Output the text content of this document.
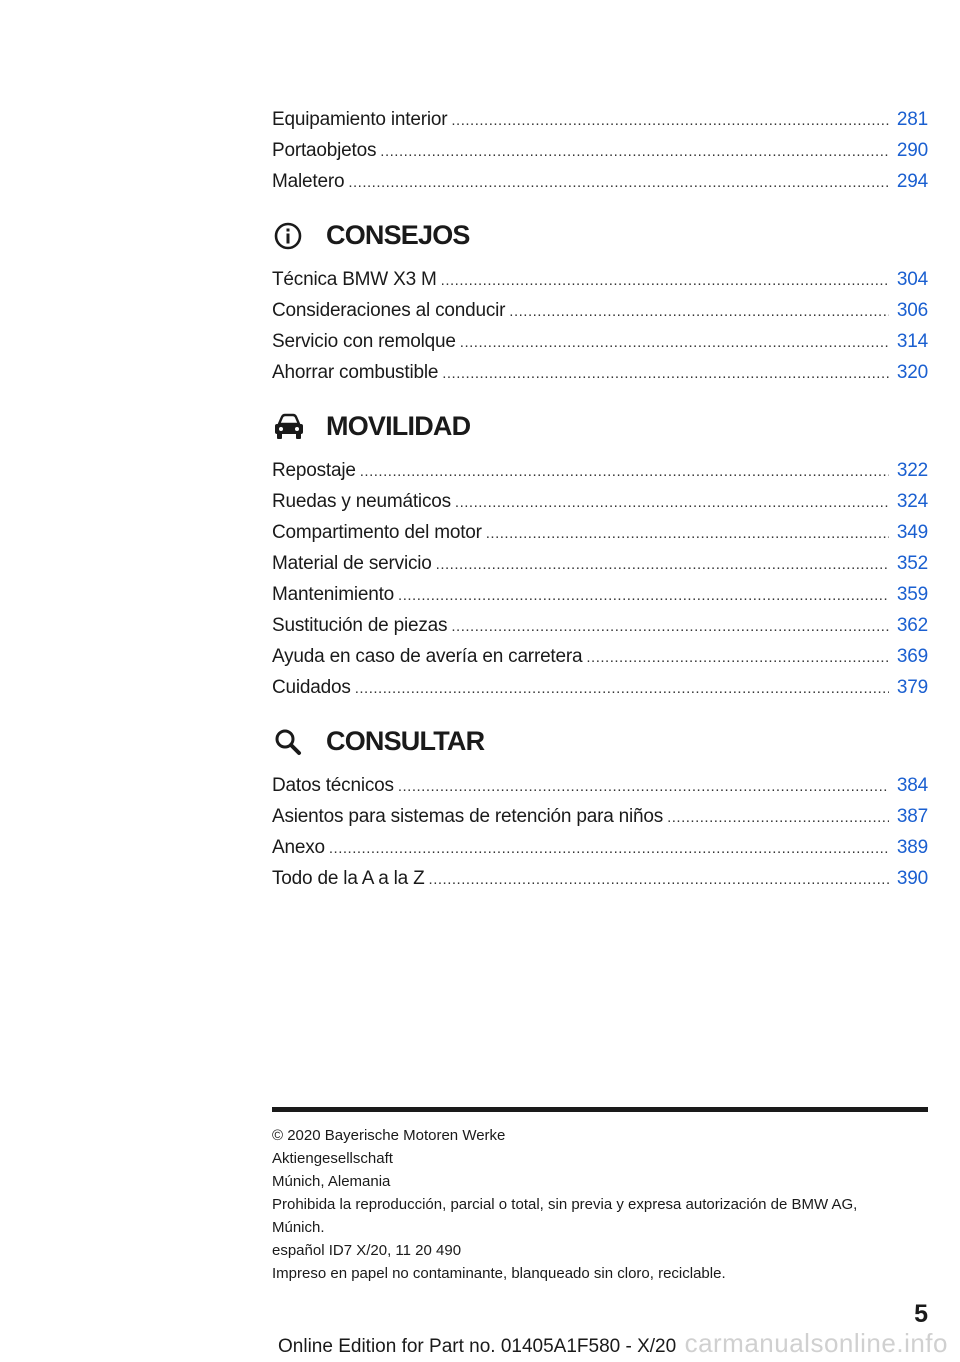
Equipamiento interior .....	281
Portaobjetos .....	290
Maletero .....	294
CONSEJOS
Técnica BMW X3 M .....	304
Consideraciones al conducir .....	306
Servicio con remolque .....	314
Ahorrar combustible .....	320
MOVILIDAD
Repostaje .....	322
Ruedas y neumáticos .....	324
Compartimento del motor .....	349
Material de servicio .....	352
Mantenimiento .....	359
Sustitución de piezas .....	362
Ayuda en caso de avería en carretera .....	369
Cuidados .....	379
CONSULTAR
Datos técnicos .....	384
Asientos para sistemas de retención para niños .....	387
Anexo .....	389
Todo de la A a la Z .....	390
© 2020 Bayerische Motoren Werke
Aktiengesellschaft
Múnich, Alemania
Prohibida la reproducción, parcial o total, sin previa y expresa autorización de BMW AG,
Múnich.
español ID7 X/20, 11 20 490
Impreso en papel no contaminante, blanqueado sin cloro, reciclable.
5
carmanualsonline.info
Online Edition for Part no. 01405A1F580 - X/20
